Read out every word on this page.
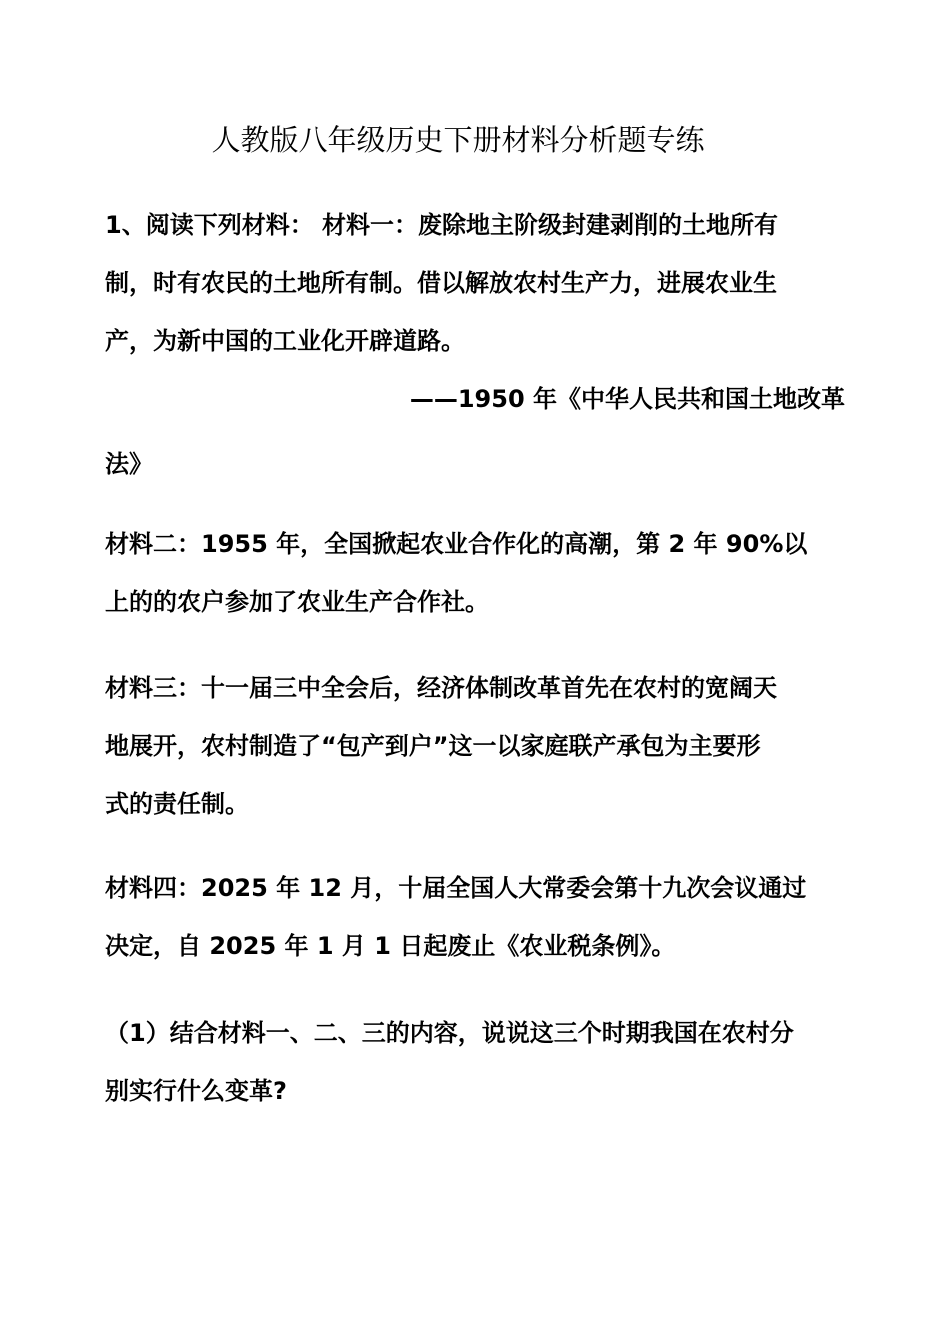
人教版八年级历史下册材料分析题专练
1、阅读下列材料： 材料一：废除地主阶级封建剥削的土地所有
制，时有农民的土地所有制。借以解放农村生产力，进展农业生
产，为新中国的工业化开辟道路。
——1950 年《中华人民共和国土地改革
法》
材料二：1955 年，全国掀起农业合作化的高潮，第 2 年 90%以
上的的农户参加了农业生产合作社。
材料三：十一届三中全会后，经济体制改革首先在农村的宽阔天
地展开，农村制造了“包产到户”这一以家庭联产承包为主要形
式的责任制。
材料四：2025 年 12 月，十届全国人大常委会第十九次会议通过
决定，自 2025 年 1 月 1 日起废止《农业税条例》。
（1）结合材料一、二、三的内容，说说这三个时期我国在农村分
别实行什么变革?
